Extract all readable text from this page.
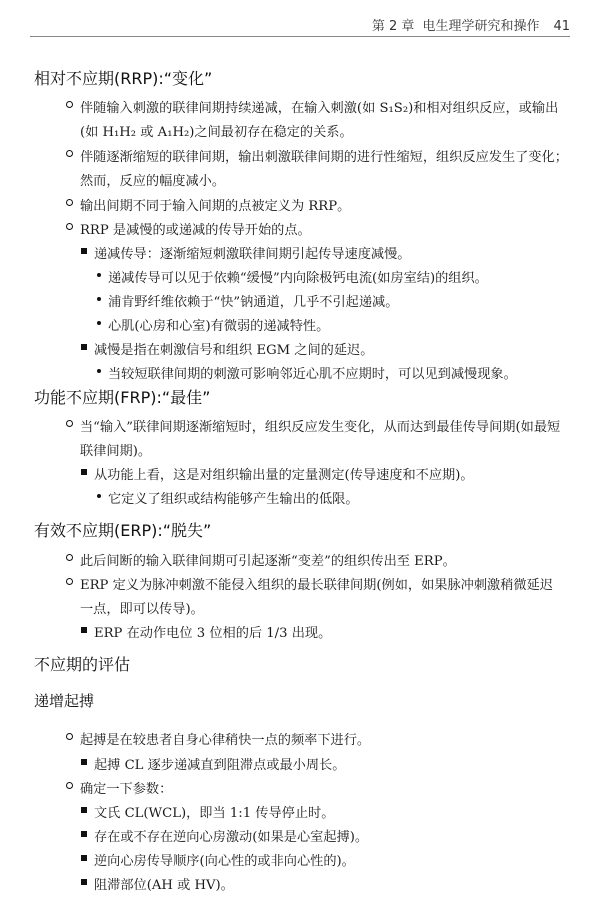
第 2 章 电生理学研究和操作 41
相对不应期(RRP):“变化”
伴随输入刺激的联律间期持续递减，在输入刺激(如 S₁S₂)和相对组织反应，或输出
(如 H₁H₂ 或 A₁H₂)之间最初存在稳定的关系。
伴随逐渐缩短的联律间期，输出刺激联律间期的进行性缩短，组织反应发生了变化；
然而，反应的幅度减小。
输出间期不同于输入间期的点被定义为 RRP。
RRP 是减慢的或递减的传导开始的点。
递减传导：逐渐缩短刺激联律间期引起传导速度减慢。
递减传导可以见于依赖“缓慢”内向除极钙电流(如房室结)的组织。
浦肯野纤维依赖于“快”钠通道，几乎不引起递减。
心肌(心房和心室)有微弱的递减特性。
减慢是指在刺激信号和组织 EGM 之间的延迟。
当较短联律间期的刺激可影响邻近心肌不应期时，可以见到减慢现象。
功能不应期(FRP):“最佳”
当“输入”联律间期逐渐缩短时，组织反应发生变化，从而达到最佳传导间期(如最短
联律间期)。
从功能上看，这是对组织输出量的定量测定(传导速度和不应期)。
它定义了组织或结构能够产生输出的低限。
有效不应期(ERP):“脱失”
此后间断的输入联律间期可引起逐渐“变差”的组织传出至 ERP。
ERP 定义为脉冲刺激不能侵入组织的最长联律间期(例如，如果脉冲刺激稍微延迟
一点，即可以传导)。
ERP 在动作电位 3 位相的后 1/3 出现。
不应期的评估
递增起搏
起搏是在较患者自身心律稍快一点的频率下进行。
起搏 CL 逐步递减直到阻滞点或最小周长。
确定一下参数：
文氏 CL(WCL)，即当 1:1 传导停止时。
存在或不存在逆向心房激动(如果是心室起搏)。
逆向心房传导顺序(向心性的或非向心性的)。
阻滞部位(AH 或 HV)。
